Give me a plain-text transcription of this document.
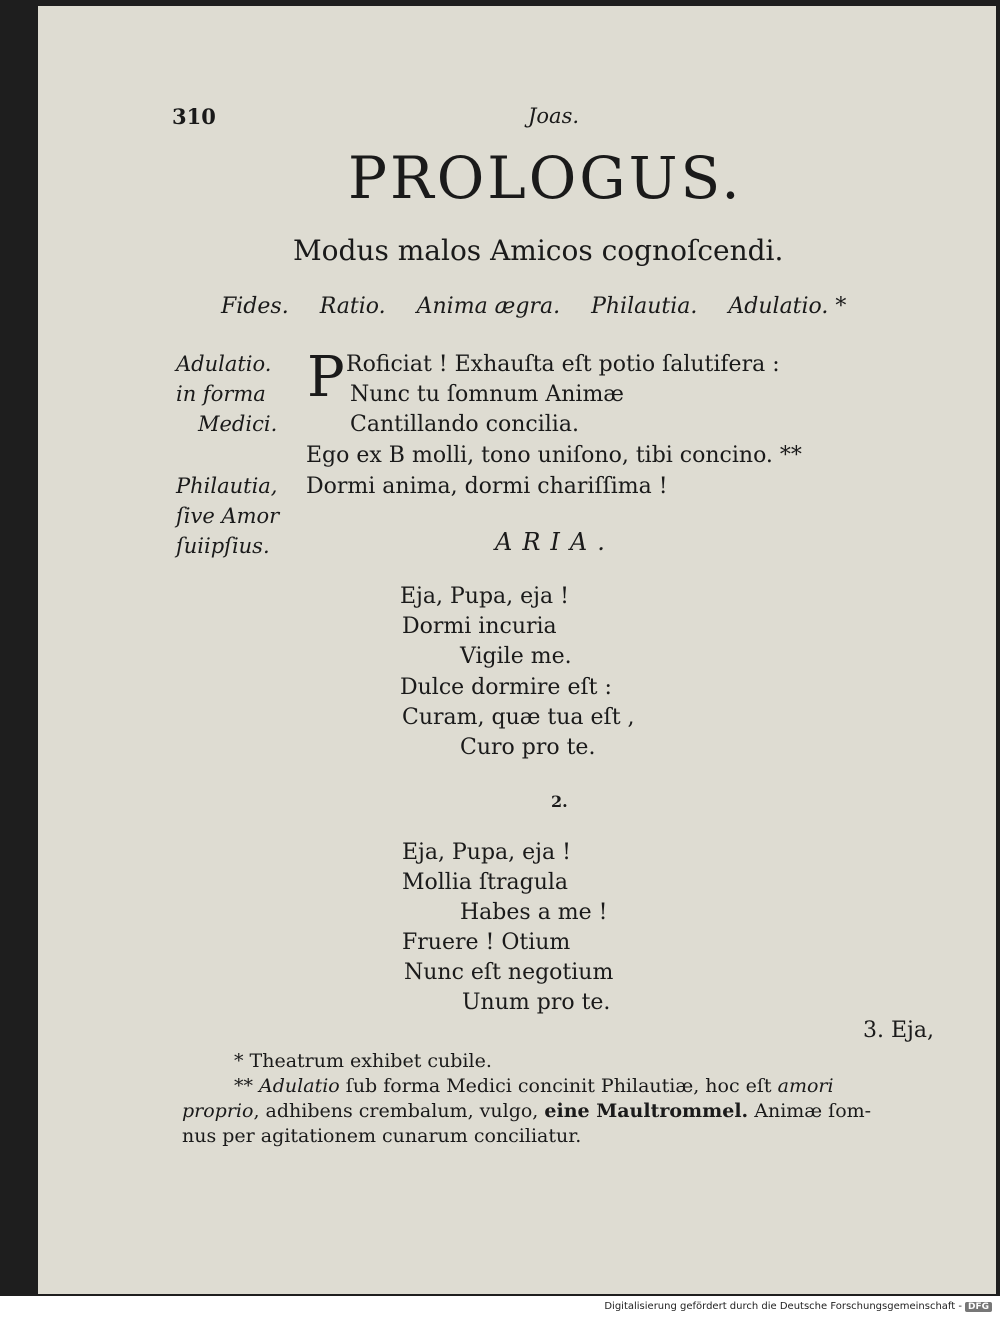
310	Joas.
PROLOGUS.
Modus malos Amicos cognoſcendi.
Fides. Ratio. Anima ægra. Philautia. Adulatio. *
Adulatio.
in forma
Medici.
Philautia,
ſive Amor
ſuiipſius.
P Roficiat ! Exhauſta eſt potio ſalutifera :
Nunc tu ſomnum Animæ
Cantillando concilia.
Ego ex B molli, tono uniſono, tibi concino. **
Dormi anima, dormi chariſſima !
ARIA.
Eja, Pupa, eja !
Dormi incuria
Vigile me.
Dulce dormire eſt :
Curam, quæ tua eſt ,
Curo pro te.
2.
Eja, Pupa, eja !
Mollia ſtragula
Habes a me !
Fruere ! Otium
Nunc eſt negotium
Unum pro te.
3. Eja,
* Theatrum exhibet cubile.
** Adulatio ſub forma Medici concinit Philautiæ, hoc eſt amori
proprio, adhibens crembalum, vulgo, eine Maultrommel. Animæ ſom-
nus per agitationem cunarum conciliatur.
Digitalisierung gefördert durch die Deutsche Forschungsgemeinschaft - DFG
